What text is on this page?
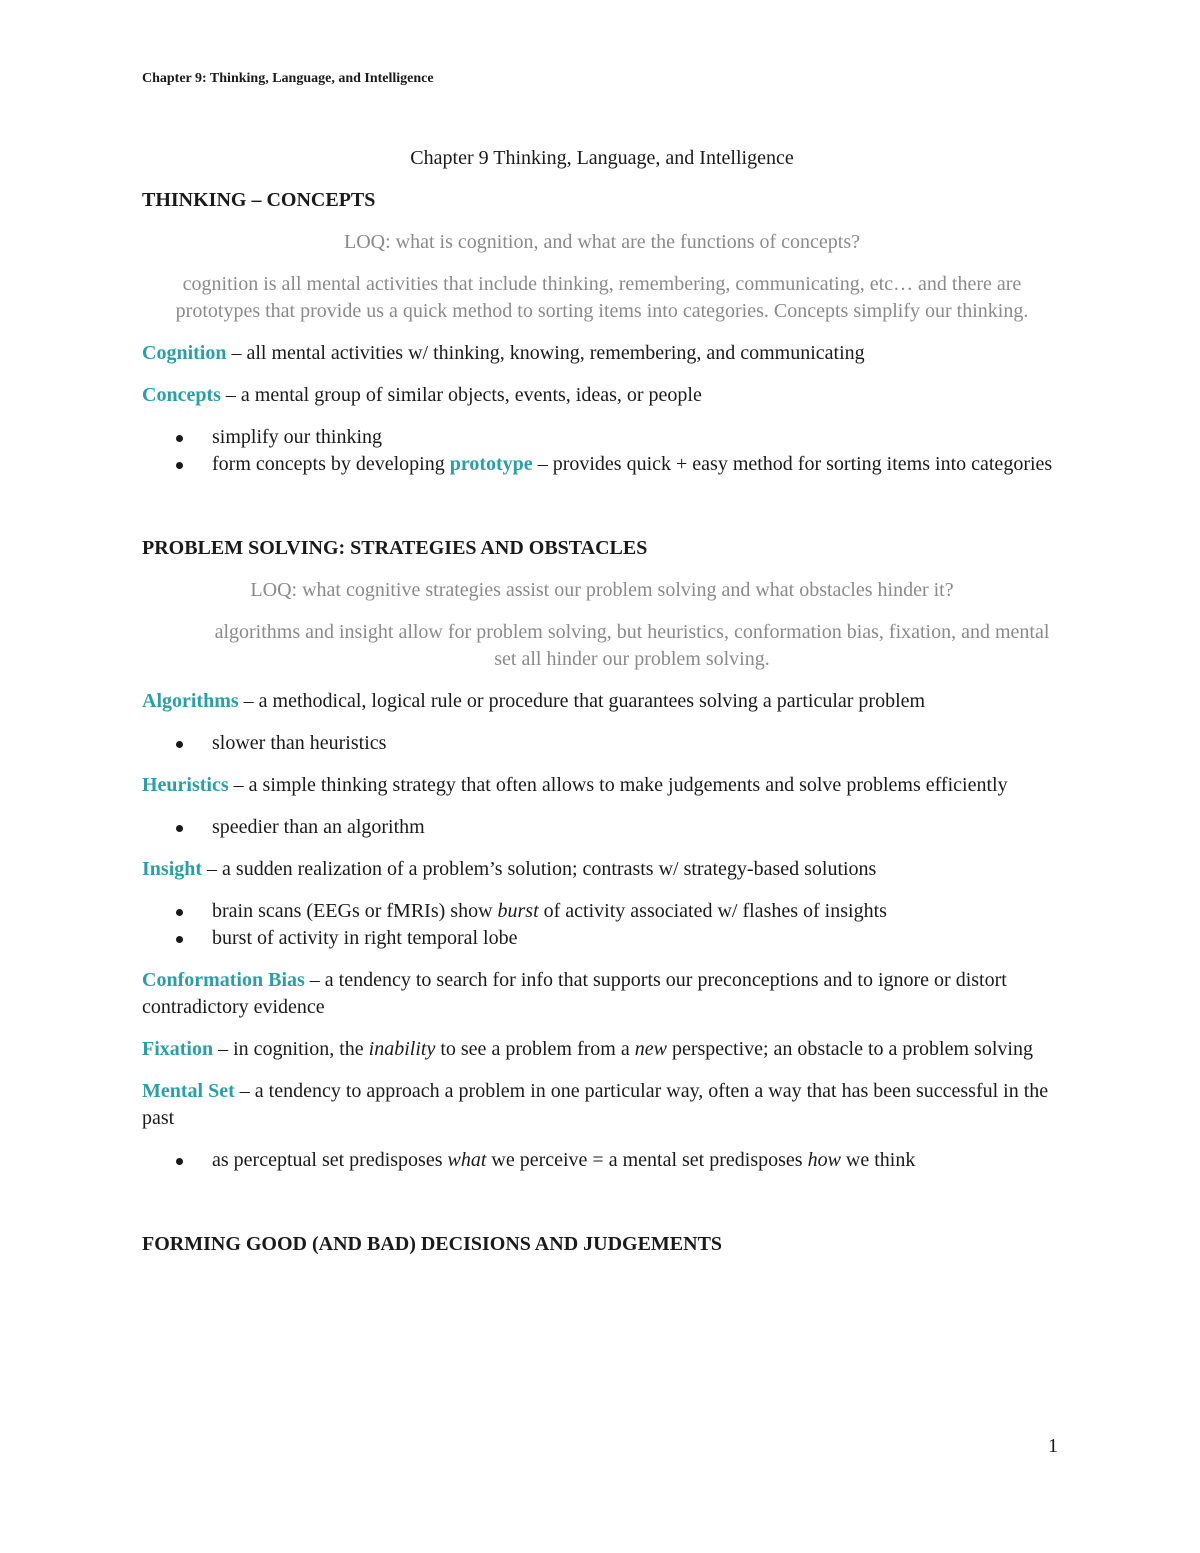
Chapter 9: Thinking, Language, and Intelligence

Chapter 9 Thinking, Language, and Intelligence

THINKING – CONCEPTS

LOQ: what is cognition, and what are the functions of concepts?

cognition is all mental activities that include thinking, remembering, communicating, etc… and there are prototypes that provide us a quick method to sorting items into categories. Concepts simplify our thinking.

Cognition – all mental activities w/ thinking, knowing, remembering, and communicating

Concepts – a mental group of similar objects, events, ideas, or people

simplify our thinking
form concepts by developing prototype – provides quick + easy method for sorting items into categories

PROBLEM SOLVING: STRATEGIES AND OBSTACLES

LOQ: what cognitive strategies assist our problem solving and what obstacles hinder it?

algorithms and insight allow for problem solving, but heuristics, conformation bias, fixation, and mental set all hinder our problem solving.

Algorithms – a methodical, logical rule or procedure that guarantees solving a particular problem

slower than heuristics

Heuristics – a simple thinking strategy that often allows to make judgements and solve problems efficiently

speedier than an algorithm

Insight – a sudden realization of a problem’s solution; contrasts w/ strategy-based solutions

brain scans (EEGs or fMRIs) show burst of activity associated w/ flashes of insights
burst of activity in right temporal lobe

Conformation Bias – a tendency to search for info that supports our preconceptions and to ignore or distort contradictory evidence

Fixation – in cognition, the inability to see a problem from a new perspective; an obstacle to a problem solving

Mental Set – a tendency to approach a problem in one particular way, often a way that has been successful in the past

as perceptual set predisposes what we perceive = a mental set predisposes how we think

FORMING GOOD (AND BAD) DECISIONS AND JUDGEMENTS

1
